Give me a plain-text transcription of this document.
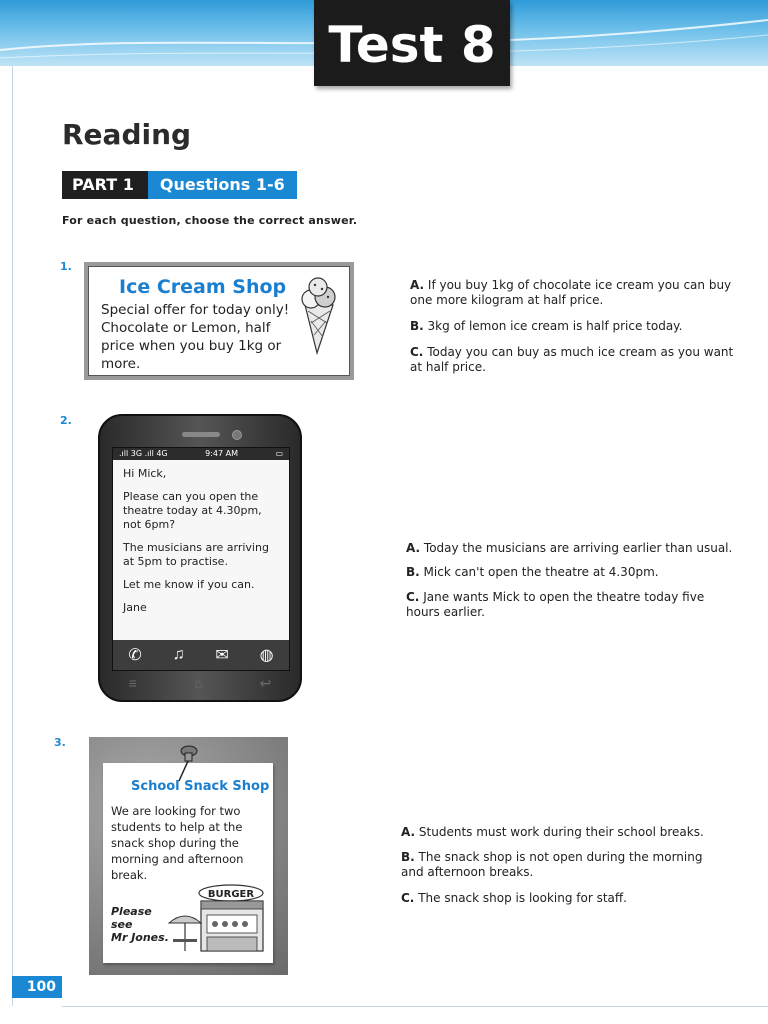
Test 8
Reading
PART 1	Questions 1-6
For each question, choose the correct answer.
1.
Ice Cream Shop
Special offer for today only! Chocolate or Lemon, half price when you buy 1kg or more.
A. If you buy 1kg of chocolate ice cream you can buy one more kilogram at half price.
B. 3kg of lemon ice cream is half price today.
C. Today you can buy as much ice cream as you want at half price.
2.
.ıll 3G .ıll 4G	9:47 AM	▭

Hi Mick,

Please can you open the theatre today at 4.30pm, not 6pm?

The musicians are arriving at 5pm to practise.

Let me know if you can.

Jane

✆ ♫ ✉ ◍
≡	⌂	↩
A. Today the musicians are arriving earlier than usual.
B. Mick can't open the theatre at 4.30pm.
C. Jane wants Mick to open the theatre today five hours earlier.
3.
School Snack Shop
We are looking for two students to help at the snack shop during the morning and afternoon break.
Please
see
Mr Jones.
BURGER
A. Students must work during their school breaks.
B. The snack shop is not open during the morning and afternoon breaks.
C. The snack shop is looking for staff.
100
